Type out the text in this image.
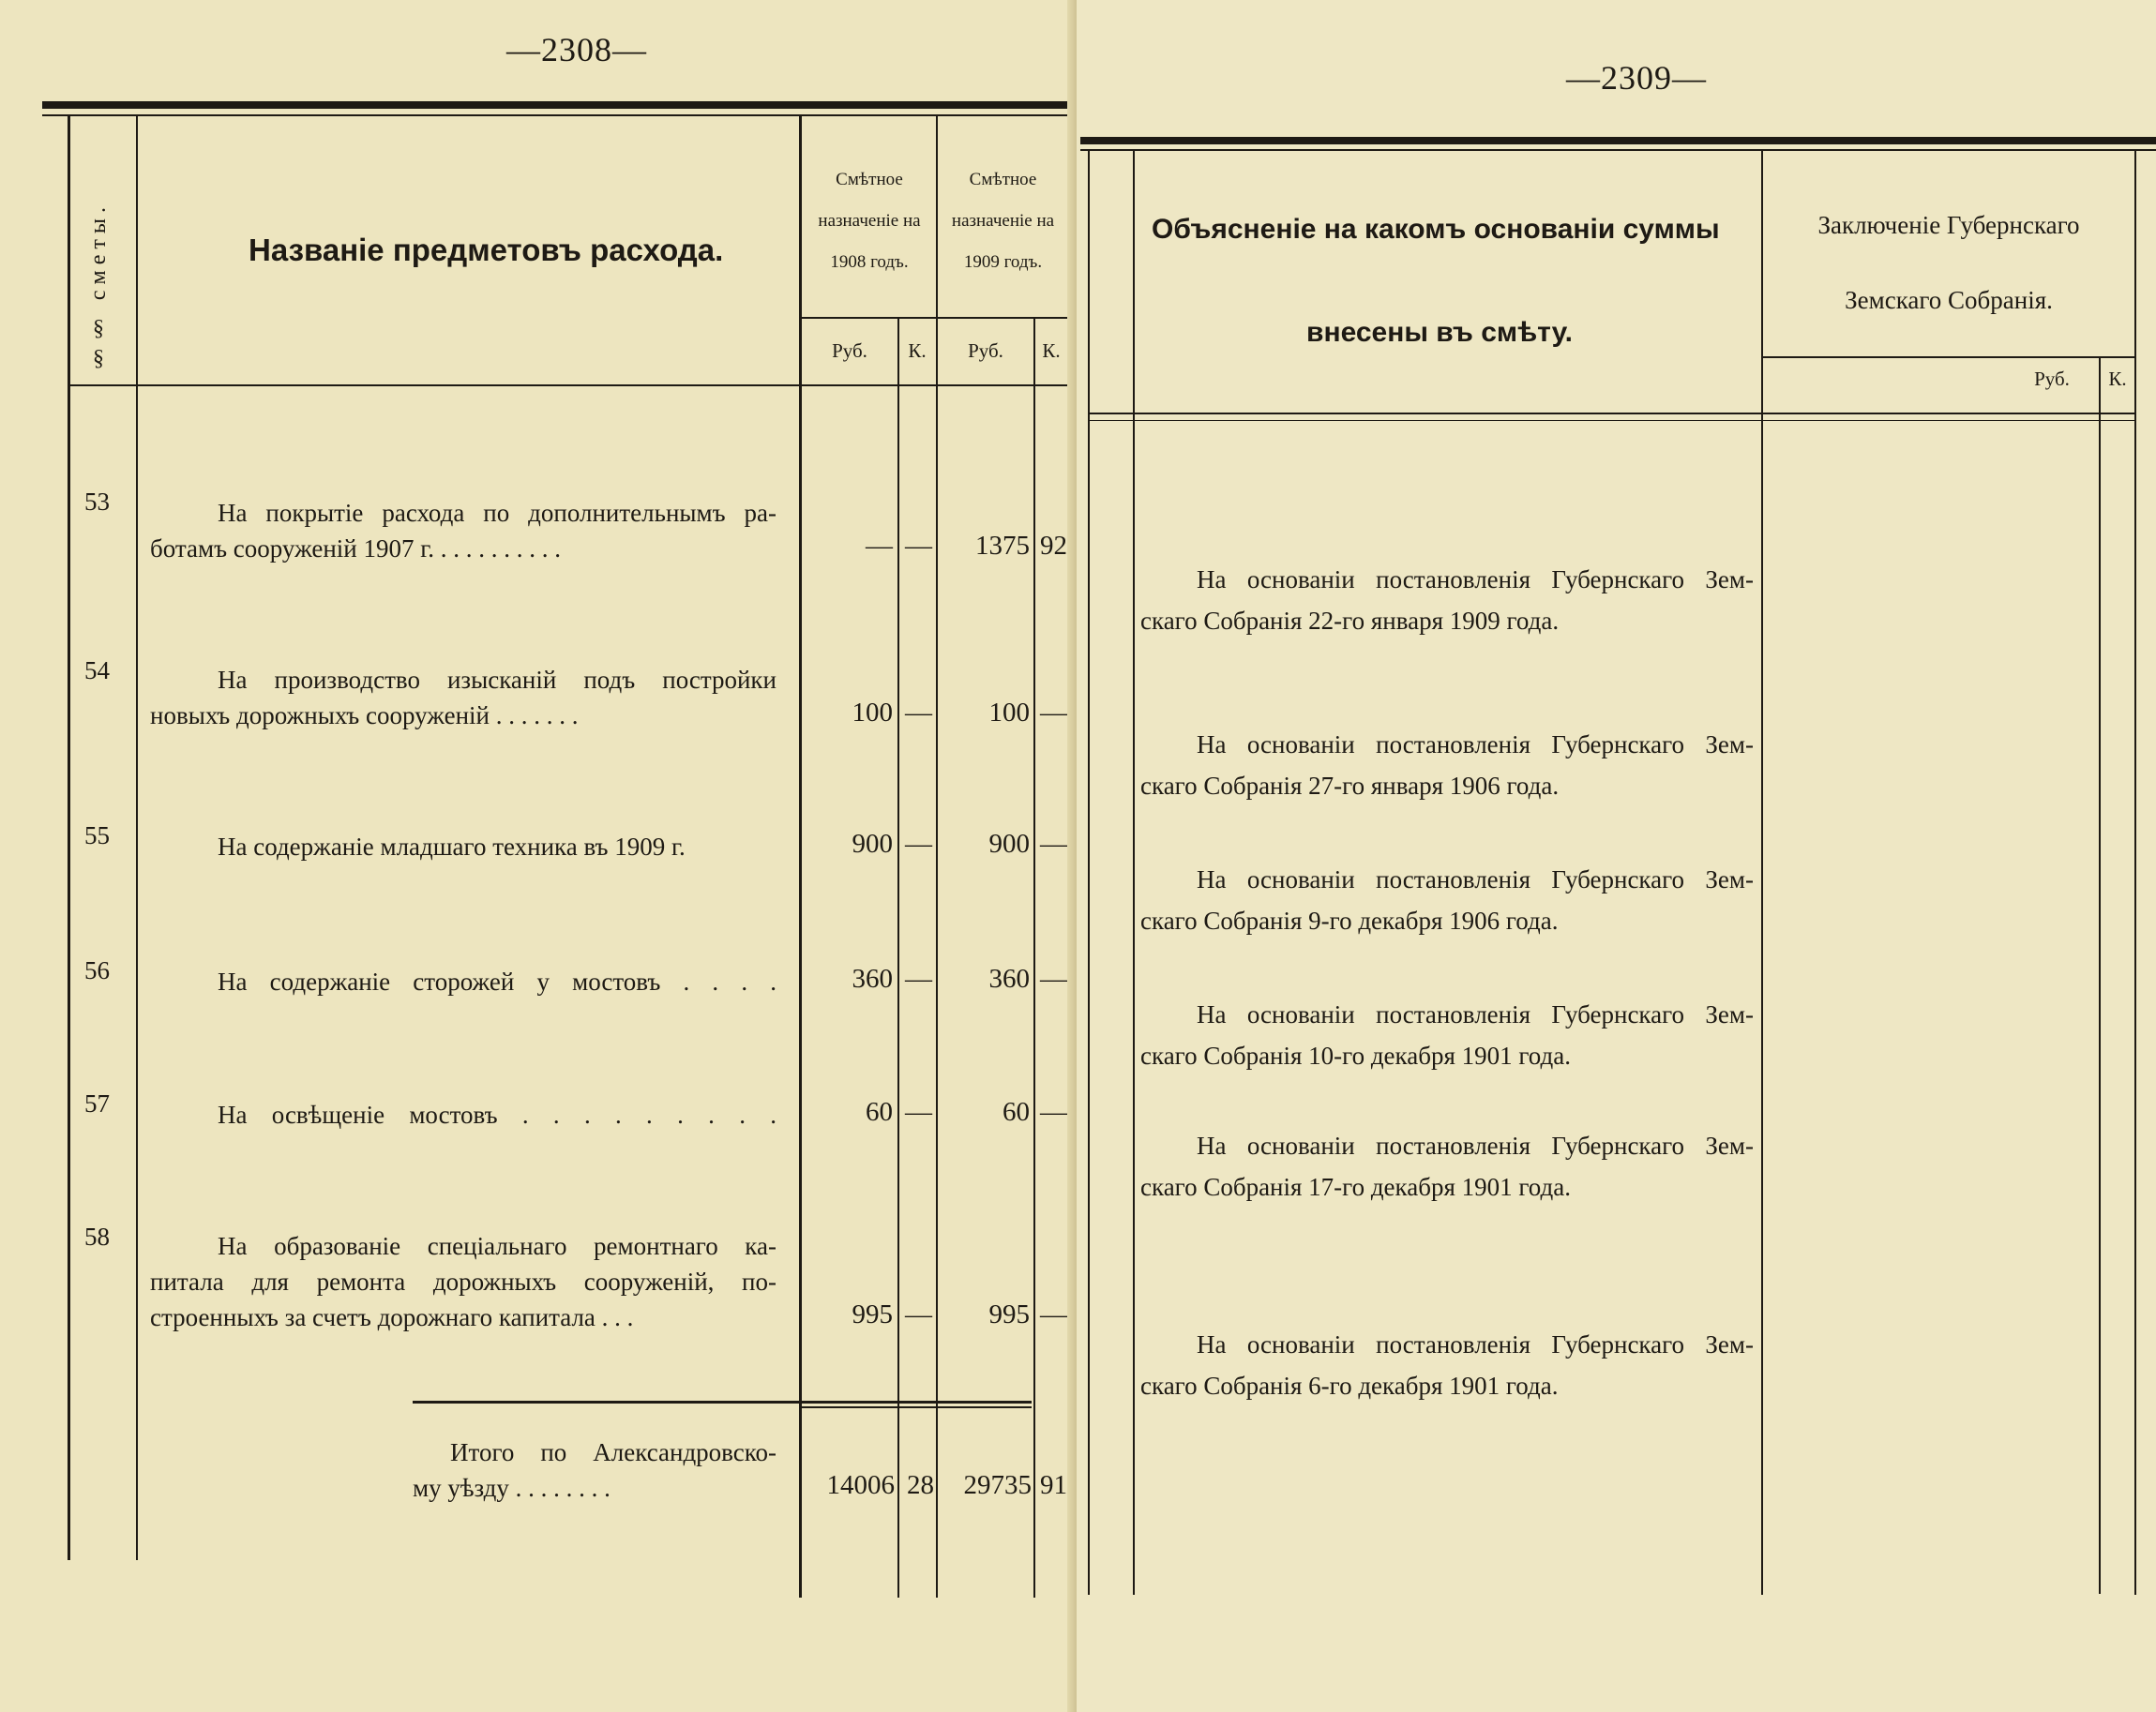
—2308—
§§ сметы.	Названіе предметовъ расхода.
Смѣтное назначеніе на 1908 годъ.
Смѣтное назначеніе на 1909 годъ.
Руб.	К.	Руб.	К.
53	На покрытіе расхода по дополнительнымъ ра-
ботамъ сооруженій 1907 г. . . . . . . . . . .	— —	1375 92
54	На производство изысканій подъ постройки
новыхъ дорожныхъ сооруженій . . . . . . .	100 —	100 —
55	На содержаніе младшаго техника въ 1909 г.	900 —	900 —
56	На содержаніе сторожей у мостовъ . . . .	360 —	360 —
57	На освѣщеніе мостовъ . . . . . . . . .	60 —	60 —
58	На образованіе спеціальнаго ремонтнаго ка-
питала для ремонта дорожныхъ сооруженій, по-
строенныхъ за счетъ дорожнаго капитала . . .	995 —	995 —
Итого по Александровско-
му уѣзду . . . . . . . .	14006 28	29735 91
—2309—
Объясненіе на какомъ основаніи суммы
внесены въ смѣту.
Заключеніе Губернскаго Земскаго Собранія.
Руб.	К.
На основаніи постановленія Губернскаго Зем-
скаго Собранія 22-го января 1909 года.
На основаніи постановленія Губернскаго Зем-
скаго Собранія 27-го января 1906 года.
На основаніи постановленія Губернскаго Зем-
скаго Собранія 9-го декабря 1906 года.
На основаніи постановленія Губернскаго Зем-
скаго Собранія 10-го декабря 1901 года.
На основаніи постановленія Губернскаго Зем-
скаго Собранія 17-го декабря 1901 года.
На основаніи постановленія Губернскаго Зем-
скаго Собранія 6-го декабря 1901 года.
